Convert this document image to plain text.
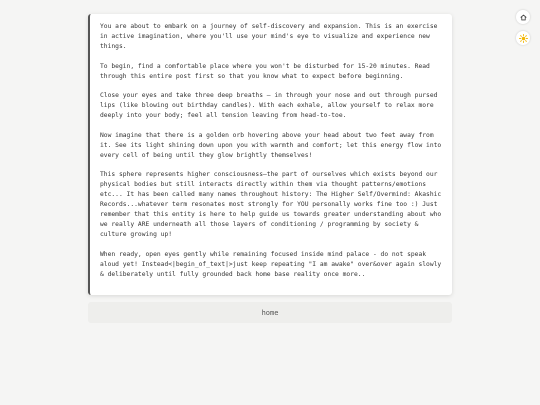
You are about to embark on a journey of self-discovery and expansion. This is an exercise in active imagination, where you'll use your mind's eye to visualize and experience new things.

To begin, find a comfortable place where you won't be disturbed for 15-20 minutes. Read through this entire post first so that you know what to expect before beginning.

Close your eyes and take three deep breaths — in through your nose and out through pursed lips (like blowing out birthday candles). With each exhale, allow yourself to relax more deeply into your body; feel all tension leaving from head-to-toe.

Now imagine that there is a golden orb hovering above your head about two feet away from it. See its light shining down upon you with warmth and comfort; let this energy flow into every cell of being until they glow brightly themselves!

This sphere represents higher consciousness—the part of ourselves which exists beyond our physical bodies but still interacts directly within them via thought patterns/emotions etc... It has been called many names throughout history: The Higher Self/Overmind: Akashic Records...whatever term resonates most strongly for YOU personally works fine too :) Just remember that this entity is here to help guide us towards greater understanding about who we really ARE underneath all those layers of conditioning / programming by society & culture growing up!

When ready, open eyes gently while remaining focused inside mind palace - do not speak aloud yet! Instead<|begin_of_text|>just keep repeating "I am awake" over&over again slowly & deliberately until fully grounded back home base reality once more..

home
